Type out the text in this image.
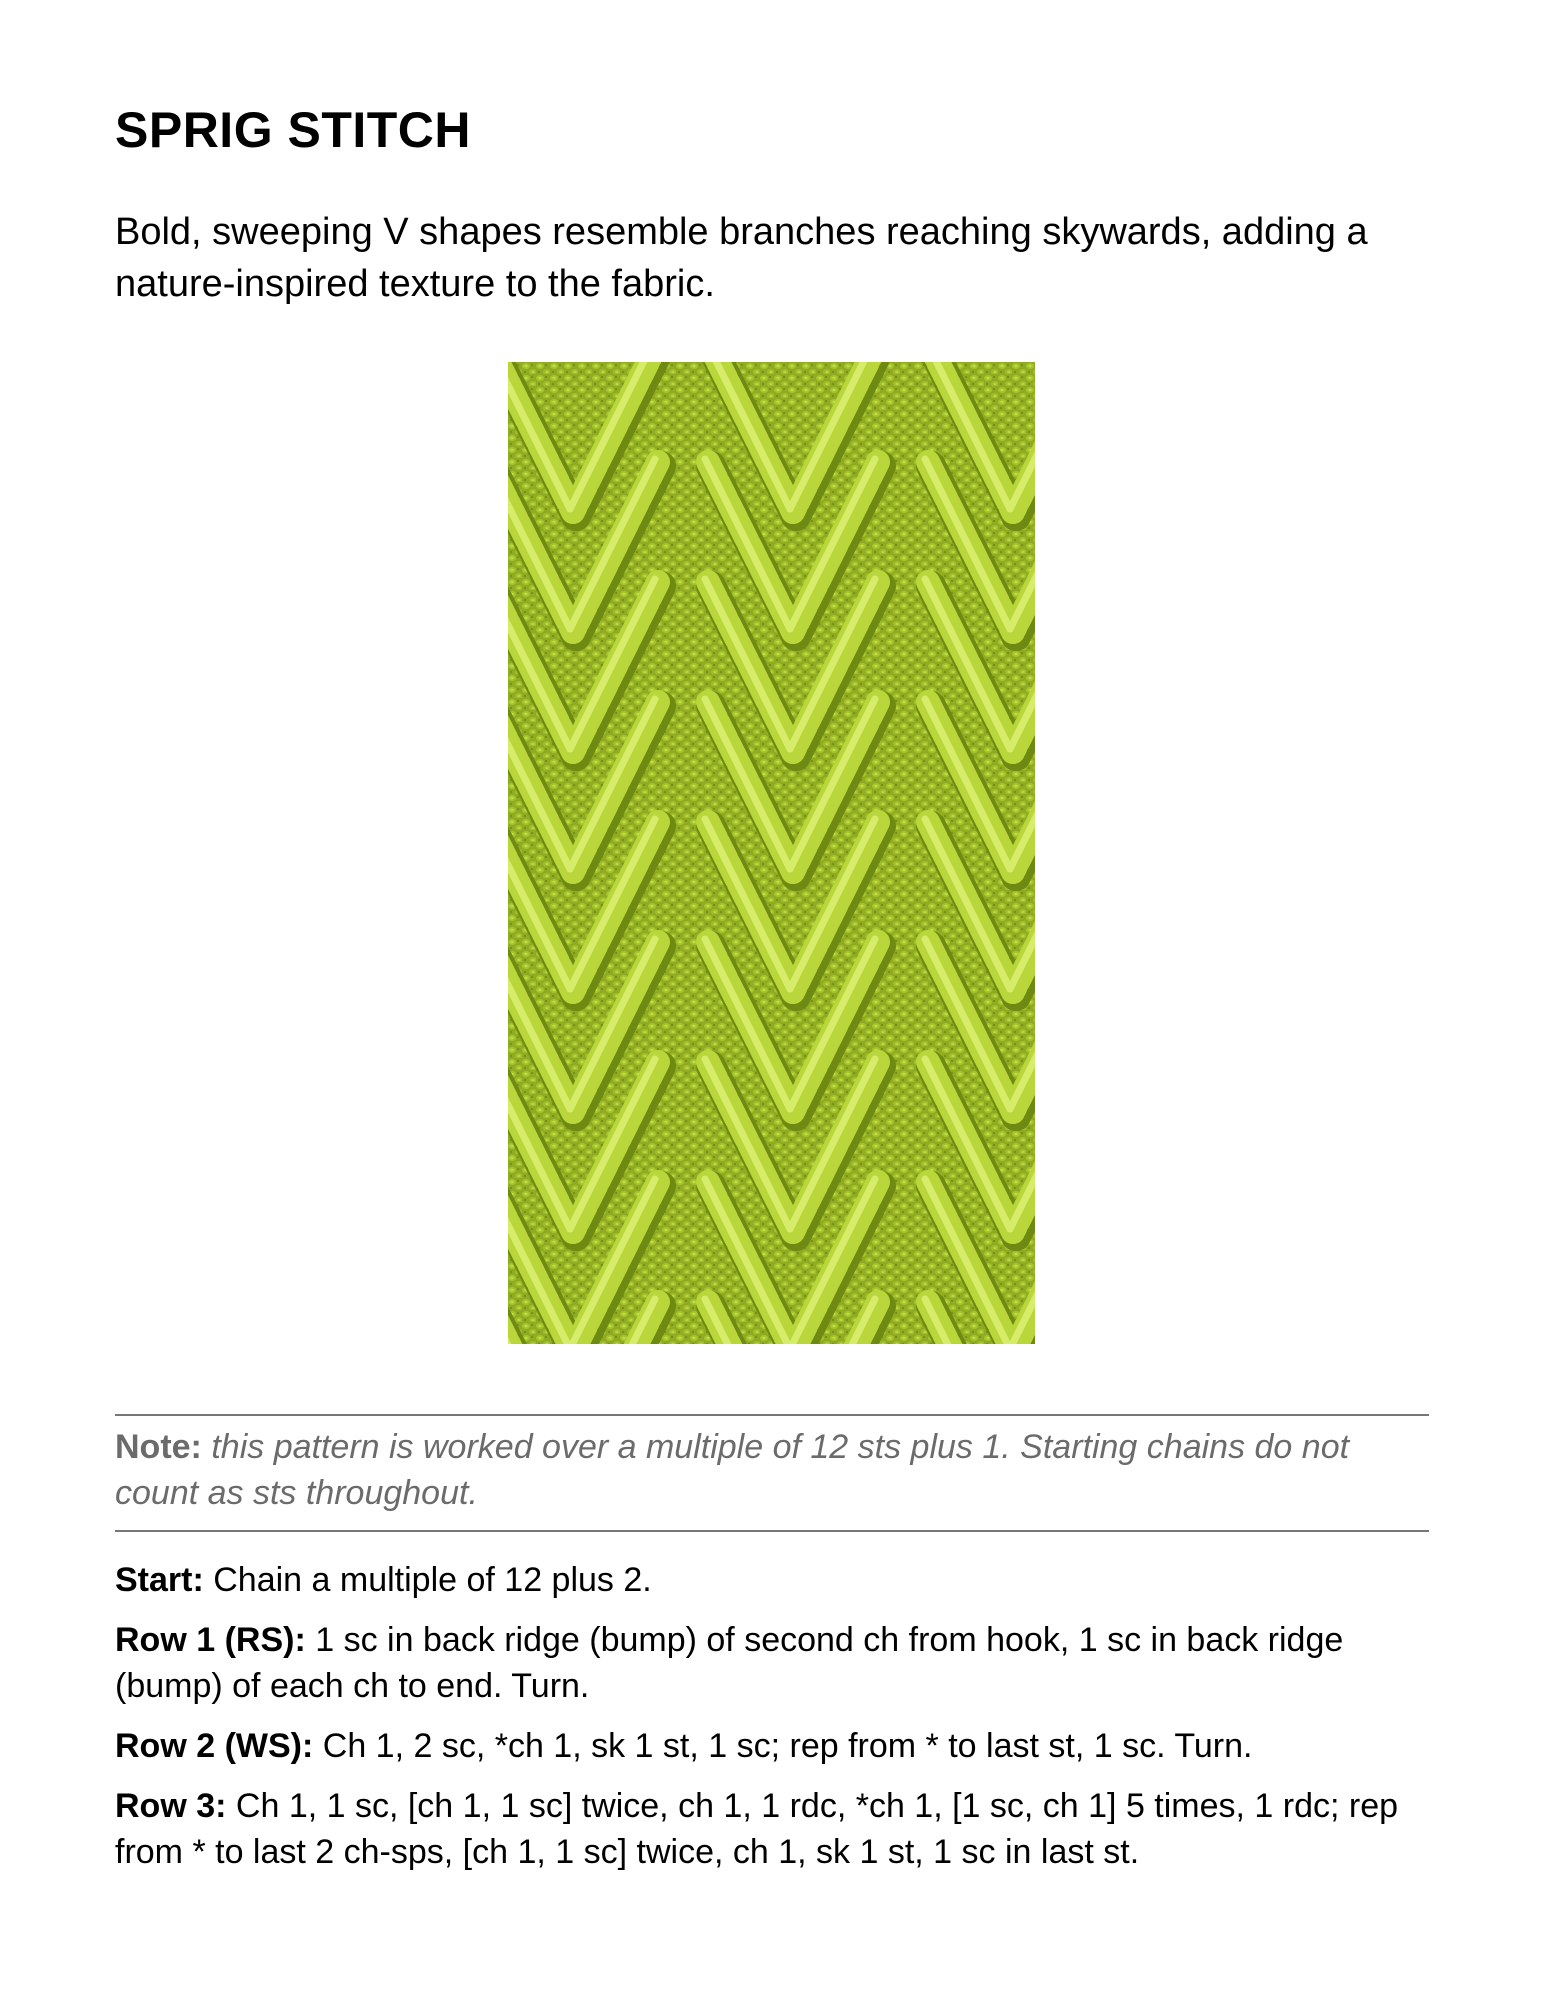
SPRIG STITCH

Bold, sweeping V shapes resemble branches reaching skywards, adding a nature-inspired texture to the fabric.

Note: this pattern is worked over a multiple of 12 sts plus 1. Starting chains do not count as sts throughout.

Start: Chain a multiple of 12 plus 2.

Row 1 (RS): 1 sc in back ridge (bump) of second ch from hook, 1 sc in back ridge (bump) of each ch to end. Turn.

Row 2 (WS): Ch 1, 2 sc, *ch 1, sk 1 st, 1 sc; rep from * to last st, 1 sc. Turn.

Row 3: Ch 1, 1 sc, [ch 1, 1 sc] twice, ch 1, 1 rdc, *ch 1, [1 sc, ch 1] 5 times, 1 rdc; rep from * to last 2 ch-sps, [ch 1, 1 sc] twice, ch 1, sk 1 st, 1 sc in last st.
